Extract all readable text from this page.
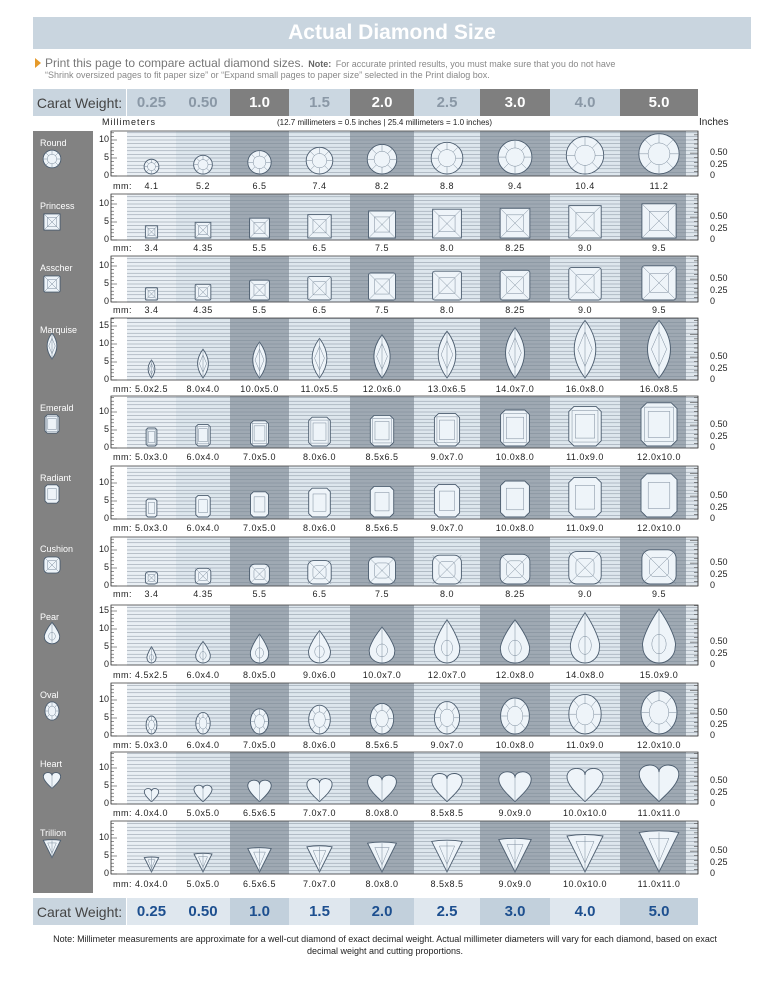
Actual Diamond Size
Print this page to compare actual diamond sizes. Note: For accurate printed results, you must make sure that you do not have
“Shrink oversized pages to fit paper size” or “Expand small pages to paper size” selected in the Print dialog box.
Carat Weight: 0.25	0.50	1.0	1.5	2.0	2.5	3.0	4.0	5.0
Millimeters	(12.7 millimeters = 0.5 inches | 25.4 millimeters = 1.0 inches)	Inches
Round	10
5
0
0.50
0.25
0
mm:	4.1	5.2	6.5	7.4	8.2	8.8	9.4	10.4	11.2
Princess	10
5
0
0.50
0.25
0
mm:	3.4	4.35	5.5	6.5	7.5	8.0	8.25	9.0	9.5
Asscher	10
5
0
0.50
0.25
0
mm:	3.4	4.35	5.5	6.5	7.5	8.0	8.25	9.0	9.5
Marquise 15
10
5
0
0.50
0.25
0
mm: 5.0x2.5	8.0x4.0	10.0x5.0	11.0x5.5	12.0x6.0	13.0x6.5	14.0x7.0	16.0x8.0	16.0x8.5
Emerald	10
5
0
0.50
0.25
0
mm: 5.0x3.0	6.0x4.0	7.0x5.0	8.0x6.0	8.5x6.5	9.0x7.0	10.0x8.0	11.0x9.0	12.0x10.0
Radiant	10
5
0
0.50
0.25
0
mm: 5.0x3.0	6.0x4.0	7.0x5.0	8.0x6.0	8.5x6.5	9.0x7.0	10.0x8.0	11.0x9.0	12.0x10.0
Cushion	10
5
0
0.50
0.25
0
mm:	3.4	4.35	5.5	6.5	7.5	8.0	8.25	9.0	9.5
Pear
15
10
5
0
0.50
0.25
0
mm: 4.5x2.5	6.0x4.0	8.0x5.0	9.0x6.0	10.0x7.0	12.0x7.0	12.0x8.0	14.0x8.0	15.0x9.0
Oval	10
5
0
0.50
0.25
0
mm: 5.0x3.0	6.0x4.0	7.0x5.0	8.0x6.0	8.5x6.5	9.0x7.0	10.0x8.0	11.0x9.0	12.0x10.0
Heart	10
5
0
0.50
0.25
0
mm: 4.0x4.0	5.0x5.0	6.5x6.5	7.0x7.0	8.0x8.0	8.5x8.5	9.0x9.0	10.0x10.0	11.0x11.0
Trillion	10
5
0
0.50
0.25
0
mm: 4.0x4.0	5.0x5.0	6.5x6.5	7.0x7.0	8.0x8.0	8.5x8.5	9.0x9.0	10.0x10.0	11.0x11.0
Carat Weight: 0.25	0.50	1.0	1.5	2.0	2.5	3.0	4.0	5.0
Note: Millimeter measurements are approximate for a well-cut diamond of exact decimal weight. Actual millimeter diameters will vary for each diamond, based on exact decimal weight and cutting proportions.
